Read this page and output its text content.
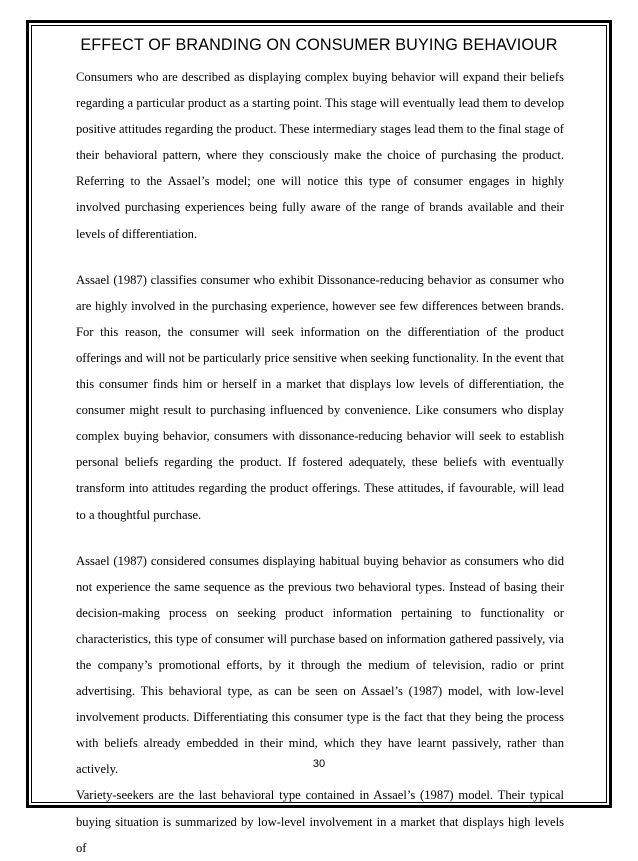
EFFECT OF BRANDING ON CONSUMER BUYING BEHAVIOUR

Consumers who are described as displaying complex buying behavior will expand their beliefs regarding a particular product as a starting point. This stage will eventually lead them to develop positive attitudes regarding the product. These intermediary stages lead them to the final stage of their behavioral pattern, where they consciously make the choice of purchasing the product. Referring to the Assael’s model; one will notice this type of consumer engages in highly involved purchasing experiences being fully aware of the range of brands available and their levels of differentiation.

Assael (1987) classifies consumer who exhibit Dissonance-reducing behavior as consumer who are highly involved in the purchasing experience, however see few differences between brands. For this reason, the consumer will seek information on the differentiation of the product offerings and will not be particularly price sensitive when seeking functionality. In the event that this consumer finds him or herself in a market that displays low levels of differentiation, the consumer might result to purchasing influenced by convenience. Like consumers who display complex buying behavior, consumers with dissonance-reducing behavior will seek to establish personal beliefs regarding the product. If fostered adequately, these beliefs with eventually transform into attitudes regarding the product offerings. These attitudes, if favourable, will lead to a thoughtful purchase.

Assael (1987) considered consumes displaying habitual buying behavior as consumers who did not experience the same sequence as the previous two behavioral types. Instead of basing their decision-making process on seeking product information pertaining to functionality or characteristics, this type of consumer will purchase based on information gathered passively, via the company’s promotional efforts, by it through the medium of television, radio or print advertising. This behavioral type, as can be seen on Assael’s (1987) model, with low-level involvement products. Differentiating this consumer type is the fact that they being the process with beliefs already embedded in their mind, which they have learnt passively, rather than actively.

Variety-seekers are the last behavioral type contained in Assael’s (1987) model. Their typical buying situation is summarized by low-level involvement in a market that displays high levels of

30
